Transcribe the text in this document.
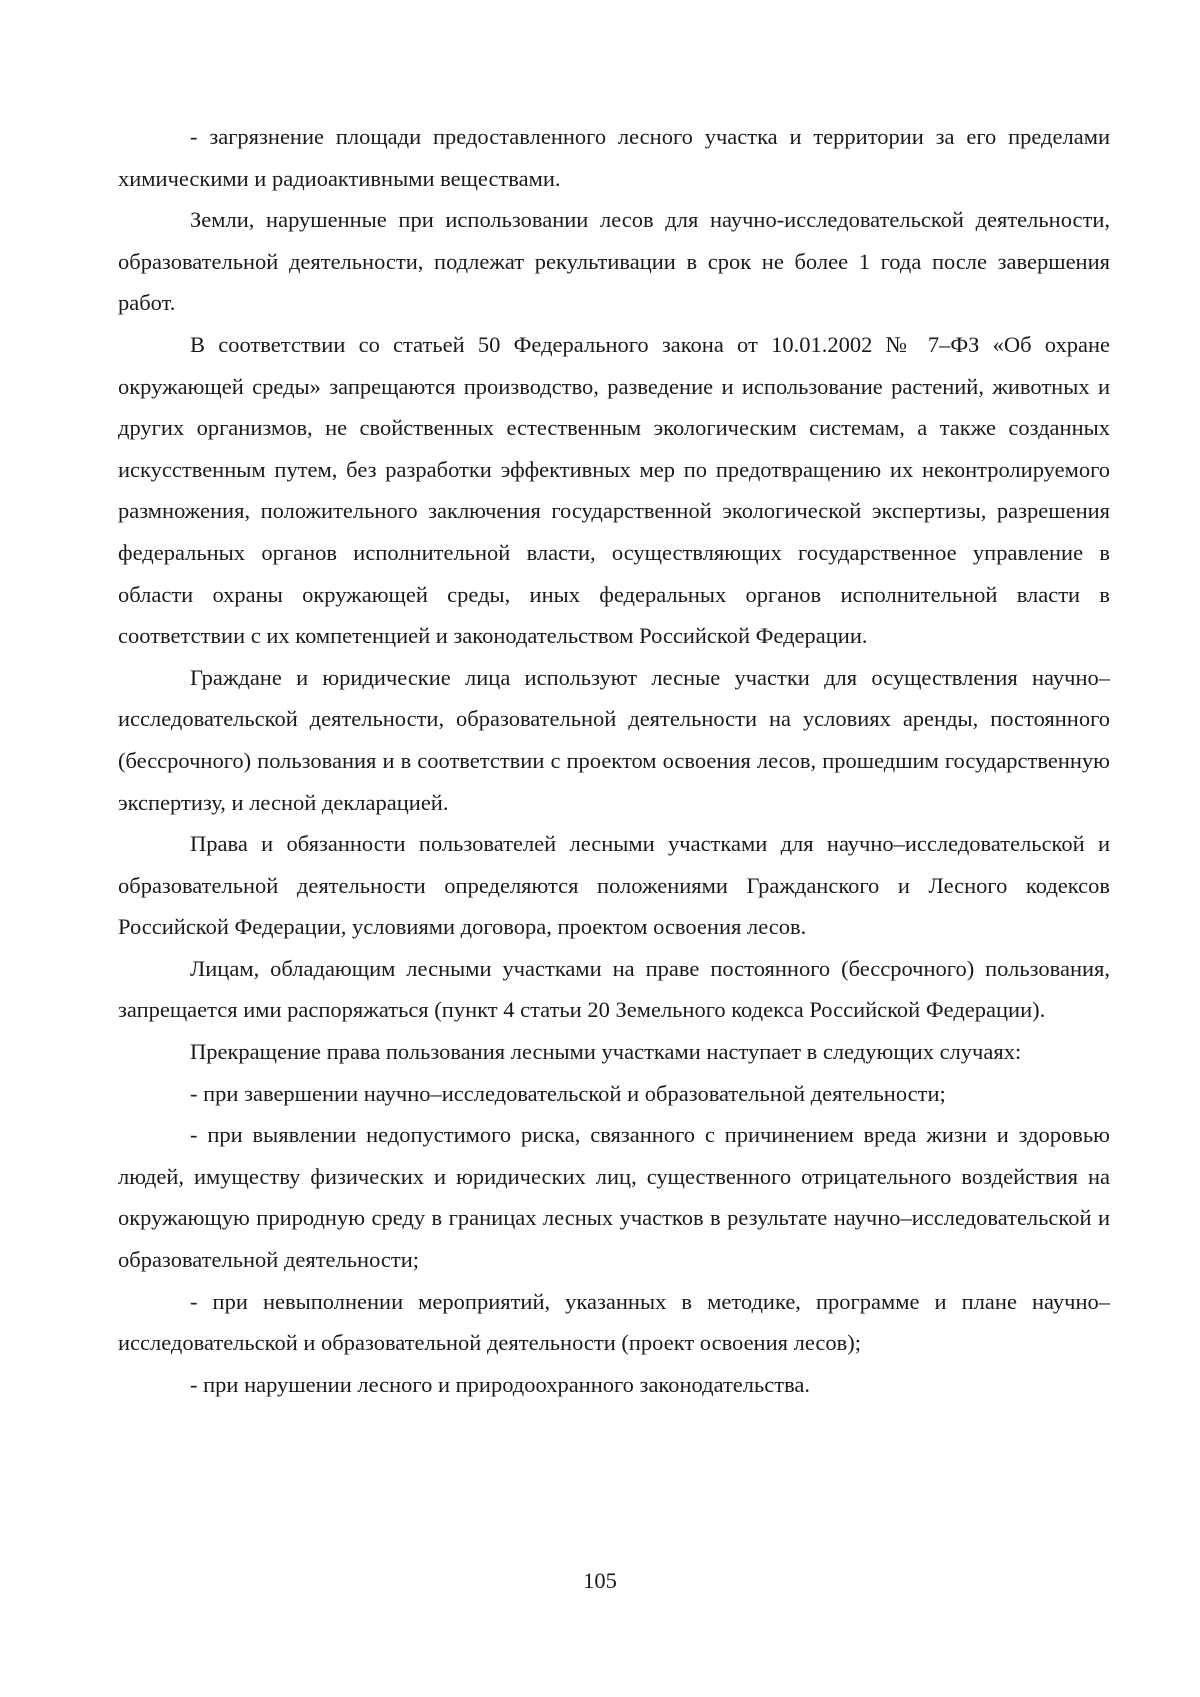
- загрязнение площади предоставленного лесного участка и территории за его пределами химическими и радиоактивными веществами.

Земли, нарушенные при использовании лесов для научно-исследовательской деятельности, образовательной деятельности, подлежат рекультивации в срок не более 1 года после завершения работ.

В соответствии со статьей 50 Федерального закона от 10.01.2002 № 7–ФЗ «Об охране окружающей среды» запрещаются производство, разведение и использование растений, животных и других организмов, не свойственных естественным экологическим системам, а также созданных искусственным путем, без разработки эффективных мер по предотвращению их неконтролируемого размножения, положительного заключения государственной экологической экспертизы, разрешения федеральных органов исполнительной власти, осуществляющих государственное управление в области охраны окружающей среды, иных федеральных органов исполнительной власти в соответствии с их компетенцией и законодательством Российской Федерации.

Граждане и юридические лица используют лесные участки для осуществления научно–исследовательской деятельности, образовательной деятельности на условиях аренды, постоянного (бессрочного) пользования и в соответствии с проектом освоения лесов, прошедшим государственную экспертизу, и лесной декларацией.

Права и обязанности пользователей лесными участками для научно–исследовательской и образовательной деятельности определяются положениями Гражданского и Лесного кодексов Российской Федерации, условиями договора, проектом освоения лесов.

Лицам, обладающим лесными участками на праве постоянного (бессрочного) пользования, запрещается ими распоряжаться (пункт 4 статьи 20 Земельного кодекса Российской Федерации).

Прекращение права пользования лесными участками наступает в следующих случаях:

- при завершении научно–исследовательской и образовательной деятельности;

- при выявлении недопустимого риска, связанного с причинением вреда жизни и здоровью людей, имуществу физических и юридических лиц, существенного отрицательного воздействия на окружающую природную среду в границах лесных участков в результате научно–исследовательской и образовательной деятельности;

- при невыполнении мероприятий, указанных в методике, программе и плане научно–исследовательской и образовательной деятельности (проект освоения лесов);

- при нарушении лесного и природоохранного законодательства.

105
